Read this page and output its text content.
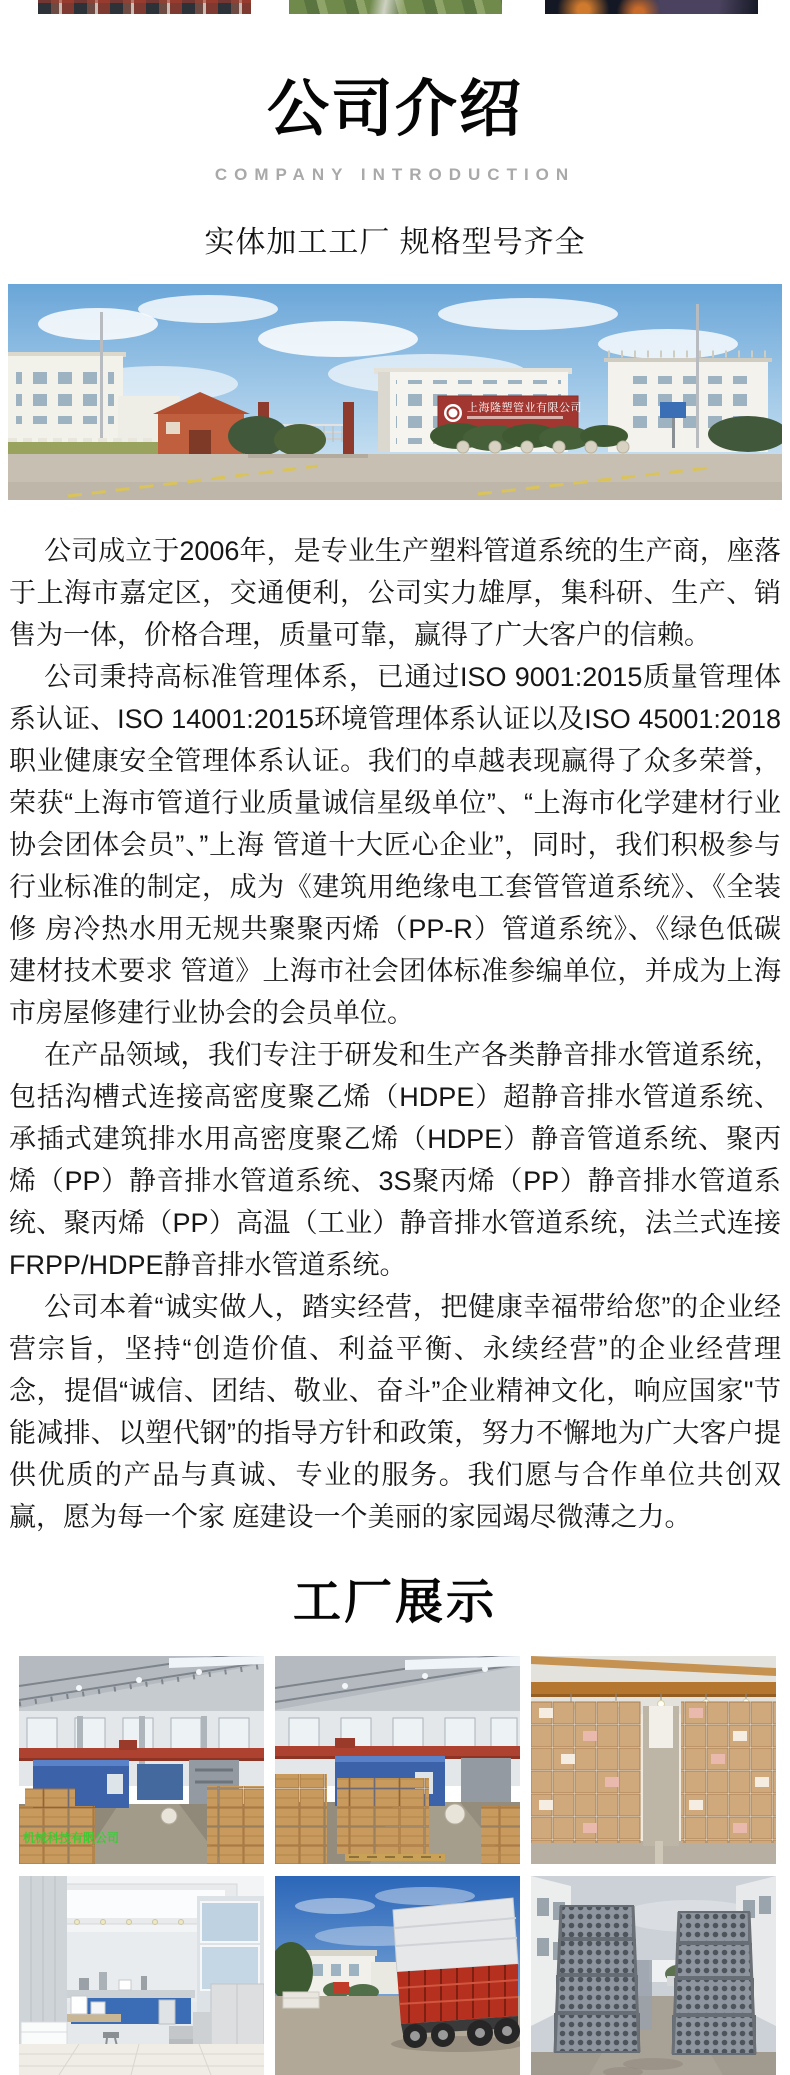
公司介绍
COMPANY INTRODUCTION
实体加工工厂 规格型号齐全
上海隆塑管业有限公司

公司成立于2006年，是专业生产塑料管道系统的生产商，座落于上海市嘉定区，交通便利，公司实力雄厚，集科研、生产、销售为一体，价格合理，质量可靠，赢得了广大客户的信赖。

公司秉持高标准管理体系，已通过ISO 9001:2015质量管理体系认证、ISO 14001:2015环境管理体系认证以及ISO 45001:2018职业健康安全管理体系认证。我们的卓越表现赢得了众多荣誉，荣获“上海市管道行业质量诚信星级单位”、“上海市化学建材行业协会团体会员”、”上海 管道十大匠心企业”，同时，我们积极参与行业标准的制定，成为《建筑用绝缘电工套管管道系统》、《全装修 房冷热水用无规共聚聚丙烯（PP-R）管道系统》、《绿色低碳建材技术要求 管道》上海市社会团体标准参编单位，并成为上海市房屋修建行业协会的会员单位。

在产品领域，我们专注于研发和生产各类静音排水管道系统，包括沟槽式连接高密度聚乙烯（HDPE）超静音排水管道系统、承插式建筑排水用高密度聚乙烯（HDPE）静音管道系统、聚丙烯（PP）静音排水管道系统、3S聚丙烯（PP）静音排水管道系统、聚丙烯（PP）高温（工业）静音排水管道系统，法兰式连接FRPP/HDPE静音排水管道系统。

公司本着“诚实做人，踏实经营，把健康幸福带给您”的企业经营宗旨，坚持“创造价值、利益平衡、永续经营”的企业经营理念，提倡“诚信、团结、敬业、奋斗”企业精神文化，响应国家"节能减排、以塑代钢”的指导方针和政策，努力不懈地为广大客户提供优质的产品与真诚、专业的服务。我们愿与合作单位共创双赢，愿为每一个家 庭建设一个美丽的家园竭尽微薄之力。

工厂展示
机械科技有限公司
